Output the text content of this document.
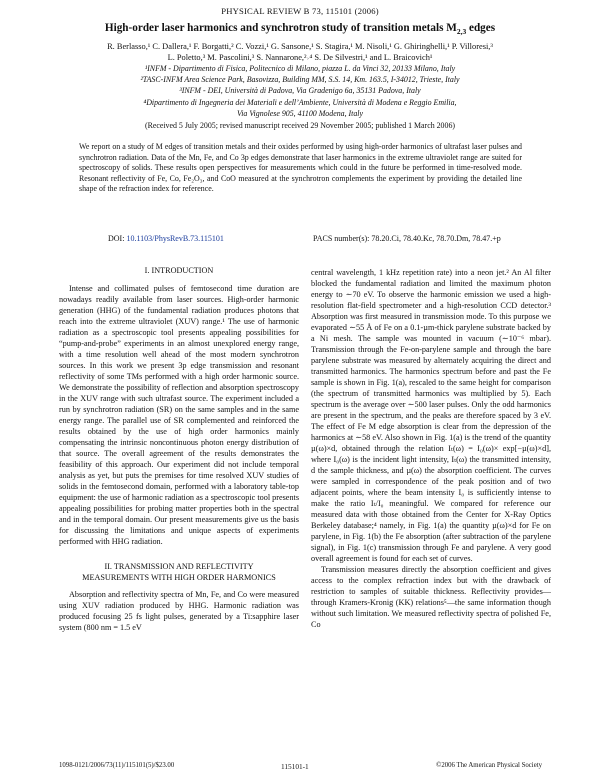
PHYSICAL REVIEW B 73, 115101 (2006)
High-order laser harmonics and synchrotron study of transition metals $M_{2,3}$ edges
R. Berlasso,¹ C. Dallera,¹ F. Borgatti,² C. Vozzi,¹ G. Sansone,¹ S. Stagira,¹ M. Nisoli,¹ G. Ghiringhelli,¹ P. Villoresi,³
L. Poletto,³ M. Pascolini,³ S. Nannarone,²˒⁴ S. De Silvestri,¹ and L. Braicovich¹
¹INFM - Dipartimento di Fisica, Politecnico di Milano, piazza L. da Vinci 32, 20133 Milano, Italy
²TASC-INFM Area Science Park, Basovizza, Building MM, S.S. 14, Km. 163.5, I-34012, Trieste, Italy
³INFM - DEI, Università di Padova, Via Gradenigo 6a, 35131 Padova, Italy
⁴Dipartimento di Ingegneria dei Materiali e dell’Ambiente, Università di Modena e Reggio Emilia,
Via Vignolese 905, 41100 Modena, Italy
(Received 5 July 2005; revised manuscript received 29 November 2005; published 1 March 2006)
We report on a study of M edges of transition metals and their oxides performed by using high-order harmonics of ultrafast laser pulses and synchrotron radiation. Data of the Mn, Fe, and Co 3p edges demonstrate that laser harmonics in the extreme ultraviolet range are suited for spectroscopy of solids. These results open perspectives for measurements which could in the future be performed in time-resolved mode. Resonant reflectivity of Fe, Co, Fe₂O₃, and CoO measured at the synchrotron complements the experiment by providing the detailed line shape of the refraction index for reference.
DOI: 10.1103/PhysRevB.73.115101	PACS number(s): 78.20.Ci, 78.40.Kc, 78.70.Dm, 78.47.+p
I. INTRODUCTION

Intense and collimated pulses of femtosecond time duration are nowadays readily available from laser sources. High-order harmonic generation (HHG) of the fundamental radiation produces photons that reach into the extreme ultraviolet (XUV) range.¹ The use of harmonic radiation as a spectroscopic tool presents appealing possibilities for “pump-and-probe” experiments in an almost unexplored energy range, with a time resolution well ahead of the most modern synchrotron sources. In this work we present 3p edge transmission and resonant reflectivity of some TMs performed with a high order harmonic source. We demonstrate the possibility of reflection and absorption spectroscopy in the XUV range with such ultrafast source. The experiment included a run by synchrotron radiation (SR) on the same samples and in the same energy range. The parallel use of SR complemented and reinforced the results obtained by the use of high order harmonics mainly compensating the intrinsic noncontinuous photon energy distribution of that source. The overall agreement of the results demonstrates the feasibility of this approach. Our experiment did not include temporal analysis as yet, but puts the premises for time resolved XUV studies of solids in the femtosecond domain, performed with a laboratory table-top equipment: the use of harmonic radiation as a spectroscopic tool presents appealing possibilities for probing matter properties both in the spectral and in the temporal domain. Our present measurements give us the basis for discussing the limitations and unique aspects of experiments performed with HHG radiation.

II. TRANSMISSION AND REFLECTIVITY
MEASUREMENTS WITH HIGH ORDER HARMONICS

Absorption and reflectivity spectra of Mn, Fe, and Co were measured using XUV radiation produced by HHG. Harmonic radiation was produced focusing 25 fs light pulses, generated by a Ti:sapphire laser system (800 nm = 1.5 eV

central wavelength, 1 kHz repetition rate) into a neon jet.² An Al filter blocked the fundamental radiation and limited the maximum photon energy to ∼70 eV. To observe the harmonic emission we used a high-resolution flat-field spectrometer and a high-resolution CCD detector.³ Absorption was first measured in transmission mode. To this purpose we evaporated ∼55 Å of Fe on a 0.1-µm-thick parylene substrate backed by a Ni mesh. The sample was mounted in vacuum (∼10⁻⁶ mbar). Transmission through the Fe-on-parylene sample and through the bare parylene substrate was measured by alternately acquiring the direct and transmitted harmonics. The harmonics spectrum before and past the Fe sample is shown in Fig. 1(a), rescaled to the same height for comparison (the spectrum of transmitted harmonics was multiplied by 5). Each spectrum is the average over ∼500 laser pulses. Only the odd harmonics are present in the spectrum, and the peaks are therefore spaced by 3 eV. The effect of Fe M edge absorption is clear from the depression of the harmonics at ∼58 eV. Also shown in Fig. 1(a) is the trend of the quantity µ(ω)×d, obtained through the relation Iₜ(ω) = I₀(ω)× exp[−µ(ω)×d], where I₀(ω) is the incident light intensity, Iₜ(ω) the transmitted intensity, d the sample thickness, and µ(ω) the absorption coefficient. The curves were sampled in correspondence of the peak position and of two adjacent points, where the beam intensity I₀ is sufficiently intense to make the ratio Iₜ/I₀ meaningful. We compared for reference our measured data with those obtained from the Center for X-Ray Optics Berkeley database;⁴ namely, in Fig. 1(a) the quantity µ(ω)×d for Fe on parylene, in Fig. 1(b) the Fe absorption (after subtraction of the parylene signal), in Fig. 1(c) transmission through Fe and parylene. A very good overall agreement is found for each set of curves.

Transmission measures directly the absorption coefficient and gives access to the complex refraction index but with the drawback of restriction to samples of suitable thickness. Reflectivity provides—through Kramers-Kronig (KK) relations⁵—the same information though without such limitation. We measured reflectivity spectra of polished Fe, Co

1098-0121/2006/73(11)/115101(5)/$23.00	115101-1	©2006 The American Physical Society
